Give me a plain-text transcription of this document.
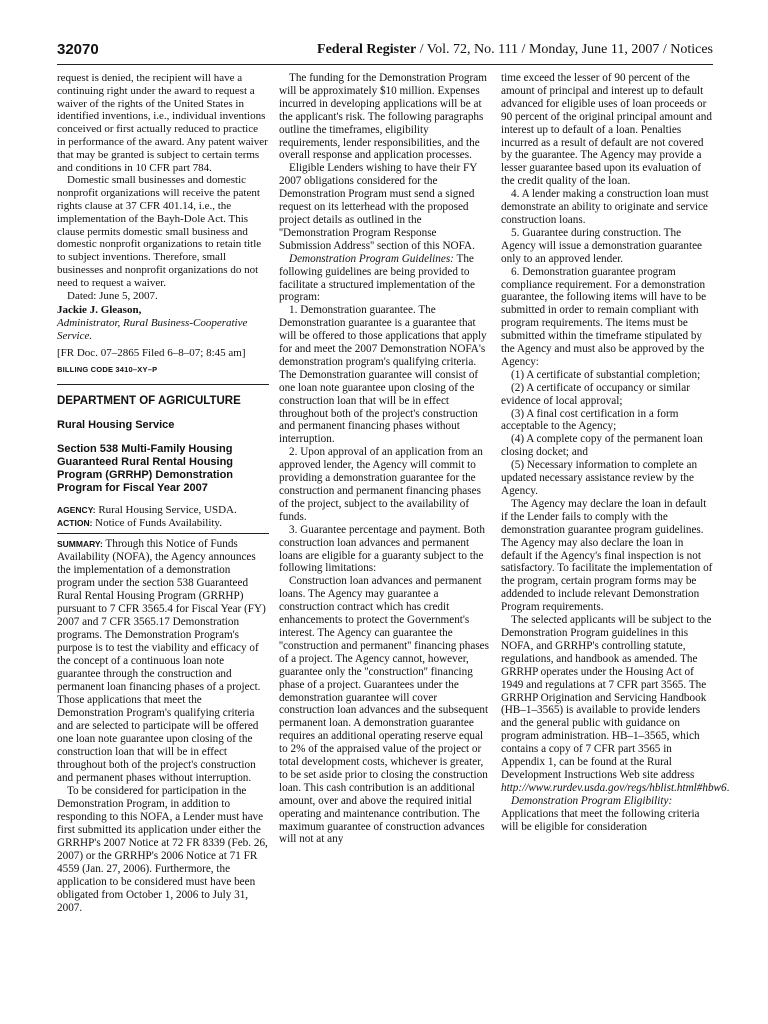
32070	Federal Register / Vol. 72, No. 111 / Monday, June 11, 2007 / Notices

request is denied, the recipient will have a continuing right under the award to request a waiver of the rights of the United States in identified inventions, i.e., individual inventions conceived or first actually reduced to practice in performance of the award. Any patent waiver that may be granted is subject to certain terms and conditions in 10 CFR part 784.

Domestic small businesses and domestic nonprofit organizations will receive the patent rights clause at 37 CFR 401.14, i.e., the implementation of the Bayh-Dole Act. This clause permits domestic small business and domestic nonprofit organizations to retain title to subject inventions. Therefore, small businesses and nonprofit organizations do not need to request a waiver.

Dated: June 5, 2007.

Jackie J. Gleason,

Administrator, Rural Business-Cooperative Service.

[FR Doc. 07–2865 Filed 6–8–07; 8:45 am]

BILLING CODE 3410–XY–P

DEPARTMENT OF AGRICULTURE

Rural Housing Service

Section 538 Multi-Family Housing Guaranteed Rural Rental Housing Program (GRRHP) Demonstration Program for Fiscal Year 2007

AGENCY: Rural Housing Service, USDA.

ACTION: Notice of Funds Availability.

SUMMARY: Through this Notice of Funds Availability (NOFA), the Agency announces the implementation of a demonstration program under the section 538 Guaranteed Rural Rental Housing Program (GRRHP) pursuant to 7 CFR 3565.4 for Fiscal Year (FY) 2007 and 7 CFR 3565.17 Demonstration programs. The Demonstration Program's purpose is to test the viability and efficacy of the concept of a continuous loan note guarantee through the construction and permanent loan financing phases of a project. Those applications that meet the Demonstration Program's qualifying criteria and are selected to participate will be offered one loan note guarantee upon closing of the construction loan that will be in effect throughout both of the project's construction and permanent phases without interruption.

To be considered for participation in the Demonstration Program, in addition to responding to this NOFA, a Lender must have first submitted its application under either the GRRHP's 2007 Notice at 72 FR 8339 (Feb. 26, 2007) or the GRRHP's 2006 Notice at 71 FR 4559 (Jan. 27, 2006). Furthermore, the application to be considered must have been obligated from October 1, 2006 to July 31, 2007.

The funding for the Demonstration Program will be approximately $10 million. Expenses incurred in developing applications will be at the applicant's risk. The following paragraphs outline the timeframes, eligibility requirements, lender responsibilities, and the overall response and application processes.

Eligible Lenders wishing to have their FY 2007 obligations considered for the Demonstration Program must send a signed request on its letterhead with the proposed project details as outlined in the ''Demonstration Program Response Submission Address'' section of this NOFA.

Demonstration Program Guidelines: The following guidelines are being provided to facilitate a structured implementation of the program:

1. Demonstration guarantee. The Demonstration guarantee is a guarantee that will be offered to those applications that apply for and meet the 2007 Demonstration NOFA's demonstration program's qualifying criteria. The Demonstration guarantee will consist of one loan note guarantee upon closing of the construction loan that will be in effect throughout both of the project's construction and permanent financing phases without interruption.

2. Upon approval of an application from an approved lender, the Agency will commit to providing a demonstration guarantee for the construction and permanent financing phases of the project, subject to the availability of funds.

3. Guarantee percentage and payment. Both construction loan advances and permanent loans are eligible for a guaranty subject to the following limitations:

Construction loan advances and permanent loans. The Agency may guarantee a construction contract which has credit enhancements to protect the Government's interest. The Agency can guarantee the ''construction and permanent'' financing phases of a project. The Agency cannot, however, guarantee only the ''construction'' financing phase of a project. Guarantees under the demonstration guarantee will cover construction loan advances and the subsequent permanent loan. A demonstration guarantee requires an additional operating reserve equal to 2% of the appraised value of the project or total development costs, whichever is greater, to be set aside prior to closing the construction loan. This cash contribution is an additional amount, over and above the required initial operating and maintenance contribution. The maximum guarantee of construction advances will not at any

time exceed the lesser of 90 percent of the amount of principal and interest up to default advanced for eligible uses of loan proceeds or 90 percent of the original principal amount and interest up to default of a loan. Penalties incurred as a result of default are not covered by the guarantee. The Agency may provide a lesser guarantee based upon its evaluation of the credit quality of the loan.

4. A lender making a construction loan must demonstrate an ability to originate and service construction loans.

5. Guarantee during construction. The Agency will issue a demonstration guarantee only to an approved lender.

6. Demonstration guarantee program compliance requirement. For a demonstration guarantee, the following items will have to be submitted in order to remain compliant with program requirements. The items must be submitted within the timeframe stipulated by the Agency and must also be approved by the Agency:

(1) A certificate of substantial completion;

(2) A certificate of occupancy or similar evidence of local approval;

(3) A final cost certification in a form acceptable to the Agency;

(4) A complete copy of the permanent loan closing docket; and

(5) Necessary information to complete an updated necessary assistance review by the Agency.

The Agency may declare the loan in default if the Lender fails to comply with the demonstration guarantee program guidelines. The Agency may also declare the loan in default if the Agency's final inspection is not satisfactory. To facilitate the implementation of the program, certain program forms may be addended to include relevant Demonstration Program requirements.

The selected applicants will be subject to the Demonstration Program guidelines in this NOFA, and GRRHP's controlling statute, regulations, and handbook as amended. The GRRHP operates under the Housing Act of 1949 and regulations at 7 CFR part 3565. The GRRHP Origination and Servicing Handbook (HB–1–3565) is available to provide lenders and the general public with guidance on program administration. HB–1–3565, which contains a copy of 7 CFR part 3565 in Appendix 1, can be found at the Rural Development Instructions Web site address http://www.rurdev.usda.gov/regs/hblist.html#hbw6.

Demonstration Program Eligibility: Applications that meet the following criteria will be eligible for consideration
